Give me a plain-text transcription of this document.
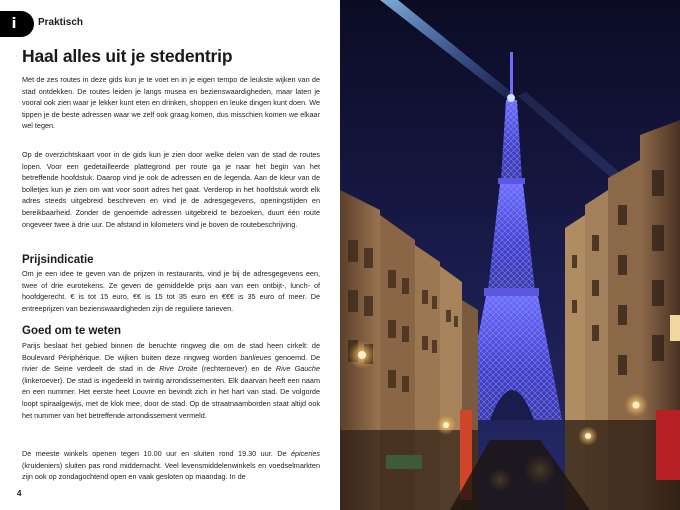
i	Praktisch
Haal alles uit je stedentrip

Met de zes routes in deze gids kun je te voet en in je eigen tempo de leukste wijken van de stad ontdekken. De routes leiden je langs musea en bezienswaardigheden, maar laten je vooral ook zien waar je lekker kunt eten en drinken, shoppen en leuke dingen kunt doen. We tippen je de beste adressen waar we zelf ook graag komen, dus misschien komen we elkaar wel tegen.

Op de overzichtskaart voor in de gids kun je zien door welke delen van de stad de routes lopen. Voor een gedetailleerde plattegrond per route ga je naar het begin van het betreffende hoofdstuk. Daarop vind je ook de adressen en de legenda. Aan de kleur van de bolletjes kun je zien om wat voor soort adres het gaat. Verderop in het hoofdstuk wordt elk adres steeds uitgebreid beschreven en vind je de adresgegevens, openingstijden en bereikbaarheid. Zonder de genoemde adressen uitgebreid te bezoeken, duurt één route ongeveer twee à drie uur. De afstand in kilometers vind je boven de routebeschrijving.

Prijsindicatie

Om je een idee te geven van de prijzen in restaurants, vind je bij de adresgegevens een, twee of drie eurotekens. Ze geven de gemiddelde prijs aan van een ontbijt-, lunch- of hoofdgerecht. € is tot 15 euro, €€ is 15 tot 35 euro en €€€ is 35 euro of meer. De entreeprijzen van bezienswaardigheden zijn de reguliere tarieven.

Goed om te weten

Parijs beslaat het gebied binnen de beruchte ringweg die om de stad heen cirkelt: de Boulevard Périphérique. De wijken buiten deze ringweg worden banlieues genoemd. De rivier de Seine verdeelt de stad in de Rive Droite (rechteroever) en de Rive Gauche (linkeroever). De stad is ingedeeld in twintig arrondissementen. Elk daarvan heeft een naam en een nummer. Het eerste heet Louvre en bevindt zich in het hart van stad. De volgorde loopt spiraalgewijs, met de klok mee, door de stad. Op de straatnaamborden staat altijd ook het nummer van het betreffende arrondissement vermeld.

De meeste winkels openen tegen 10.00 uur en sluiten rond 19.30 uur. De épiceries (kruideniers) sluiten pas rond middernacht. Veel levensmiddelenwinkels en voedselmarkten zijn ook op zondagochtend open en vaak gesloten op maandag. In de

4
